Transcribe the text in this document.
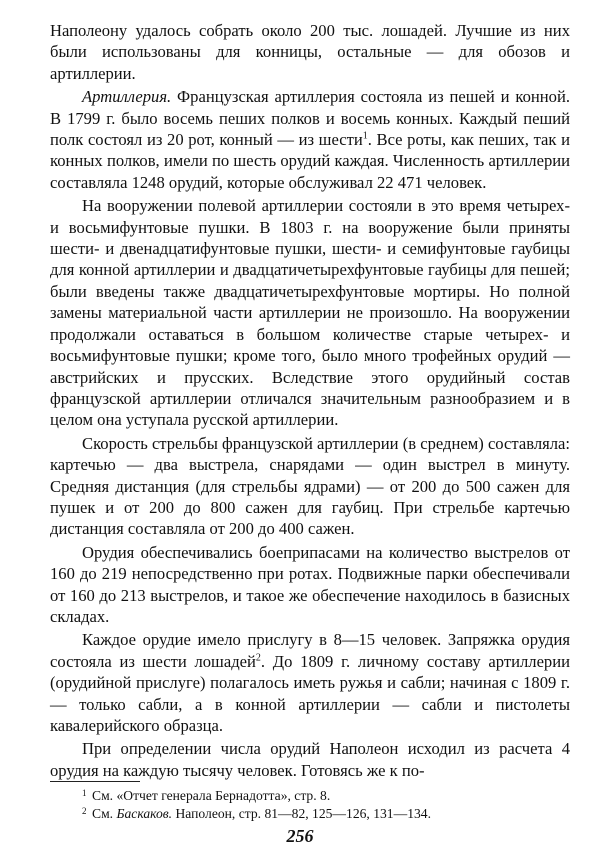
Наполеону удалось собрать около 200 тыс. лошадей. Лучшие из них были использованы для конницы, остальные — для обозов и артиллерии.

Артиллерия. Французская артиллерия состояла из пешей и конной. В 1799 г. было восемь пеших полков и восемь конных. Каждый пеший полк состоял из 20 рот, конный — из шести$^1$. Все роты, как пеших, так и конных полков, имели по шесть орудий каждая. Численность артиллерии составляла 1248 орудий, которые обслуживал 22 471 человек.

На вооружении полевой артиллерии состояли в это время четырех- и восьмифунтовые пушки. В 1803 г. на вооружение были приняты шести- и двенадцатифунтовые пушки, шести- и семифунтовые гаубицы для конной артиллерии и двадцатичетырехфунтовые гаубицы для пешей; были введены также двадцатичетырехфунтовые мортиры. Но полной замены материальной части артиллерии не произошло. На вооружении продолжали оставаться в большом количестве старые четырех- и восьмифунтовые пушки; кроме того, было много трофейных орудий — австрийских и прусских. Вследствие этого орудийный состав французской артиллерии отличался значительным разнообразием и в целом она уступала русской артиллерии.

Скорость стрельбы французской артиллерии (в среднем) составляла: картечью — два выстрела, снарядами — один выстрел в минуту. Средняя дистанция (для стрельбы ядрами) — от 200 до 500 сажен для пушек и от 200 до 800 сажен для гаубиц. При стрельбе картечью дистанция составляла от 200 до 400 сажен.

Орудия обеспечивались боеприпасами на количество выстрелов от 160 до 219 непосредственно при ротах. Подвижные парки обеспечивали от 160 до 213 выстрелов, и такое же обеспечение находилось в базисных складах.

Каждое орудие имело прислугу в 8—15 человек. Запряжка орудия состояла из шести лошадей$^2$. До 1809 г. личному составу артиллерии (орудийной прислуге) полагалось иметь ружья и сабли; начиная с 1809 г.— только сабли, а в конной артиллерии — сабли и пистолеты кавалерийского образца.

При определении числа орудий Наполеон исходил из расчета 4 орудия на каждую тысячу человек. Готовясь же к по-

1 См. «Отчет генерала Бернадотта», стр. 8.
2 См. Баскаков. Наполеон, стр. 81—82, 125—126, 131—134.
256
